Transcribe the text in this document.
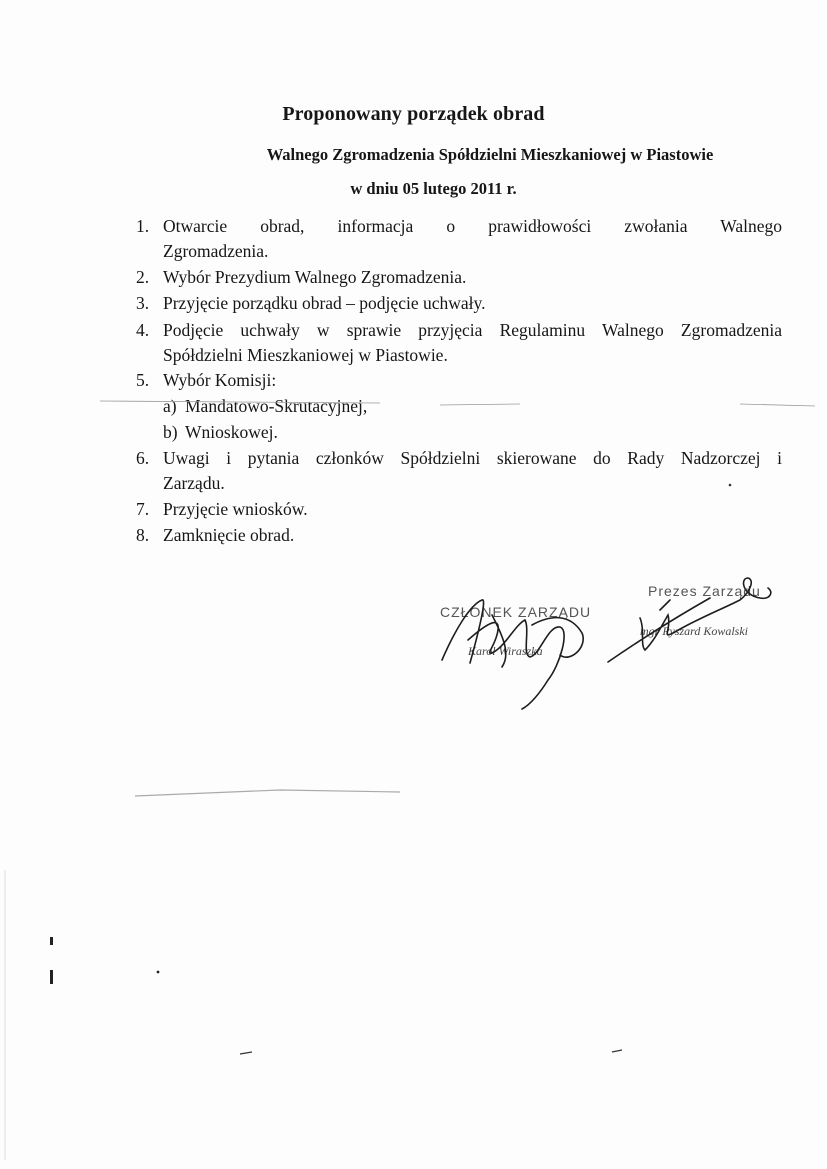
Proponowany porządek obrad
Walnego Zgromadzenia Spółdzielni Mieszkaniowej w Piastowie
w dniu 05 lutego 2011 r.
1. Otwarcie obrad, informacja o prawidłowości zwołania Walnego
Zgromadzenia.
2. Wybór Prezydium Walnego Zgromadzenia.
3. Przyjęcie porządku obrad – podjęcie uchwały.
4. Podjęcie uchwały w sprawie przyjęcia Regulaminu Walnego Zgromadzenia
Spółdzielni Mieszkaniowej w Piastowie.
5. Wybór Komisji:
a) Mandatowo-Skrutacyjnej,
b) Wnioskowej.
6. Uwagi i pytania członków Spółdzielni skierowane do Rady Nadzorczej i
Zarządu.
7. Przyjęcie wniosków.
8. Zamknięcie obrad.
CZŁONEK ZARZĄDU
Karol Wiraszka
Prezes Zarządu
mgr Ryszard Kowalski
